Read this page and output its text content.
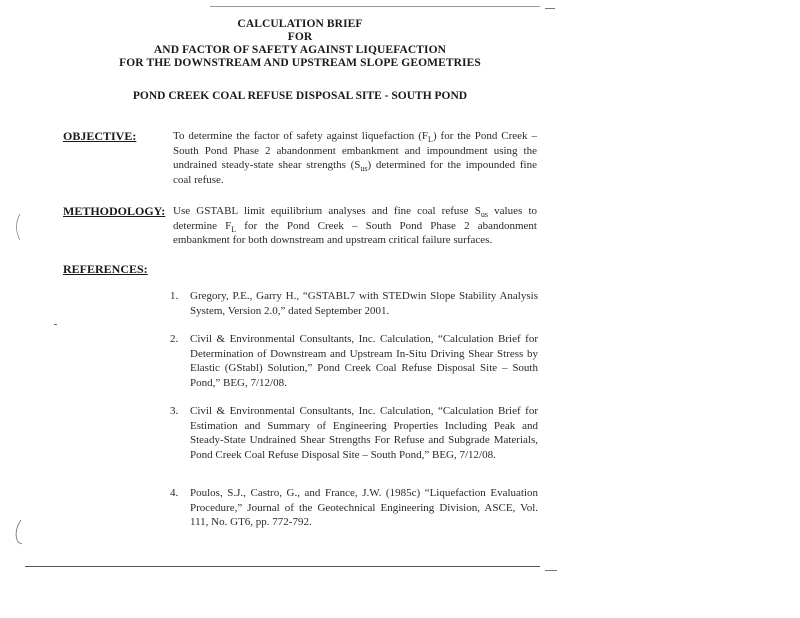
CALCULATION BRIEF
FOR
AND FACTOR OF SAFETY AGAINST LIQUEFACTION
FOR THE DOWNSTREAM AND UPSTREAM SLOPE GEOMETRIES
POND CREEK COAL REFUSE DISPOSAL SITE - SOUTH POND
OBJECTIVE:	To determine the factor of safety against liquefaction $(F_L)$ for the Pond Creek – South Pond Phase 2 abandonment embankment and impoundment using the undrained steady-state shear strengths $(S_{us})$ determined for the impounded fine coal refuse.
METHODOLOGY: Use GSTABL limit equilibrium analyses and fine coal refuse $S_{us}$ values to determine $F_L$ for the Pond Creek – South Pond Phase 2 abandonment embankment for both downstream and upstream critical failure surfaces.
REFERENCES:
1.	Gregory, P.E., Garry H., “GSTABL7 with STEDwin Slope Stability Analysis System, Version 2.0,” dated September 2001.
2.	Civil & Environmental Consultants, Inc. Calculation, “Calculation Brief for Determination of Downstream and Upstream In-Situ Driving Shear Stress by Elastic (GStabl) Solution,” Pond Creek Coal Refuse Disposal Site – South Pond,” BEG, 7/12/08.
3.	Civil & Environmental Consultants, Inc. Calculation, “Calculation Brief for Estimation and Summary of Engineering Properties Including Peak and Steady-State Undrained Shear Strengths For Refuse and Subgrade Materials, Pond Creek Coal Refuse Disposal Site – South Pond,” BEG, 7/12/08.
4.	Poulos, S.J., Castro, G., and France, J.W. (1985c) “Liquefaction Evaluation Procedure,” Journal of the Geotechnical Engineering Division, ASCE, Vol. 111, No. GT6, pp. 772-792.
